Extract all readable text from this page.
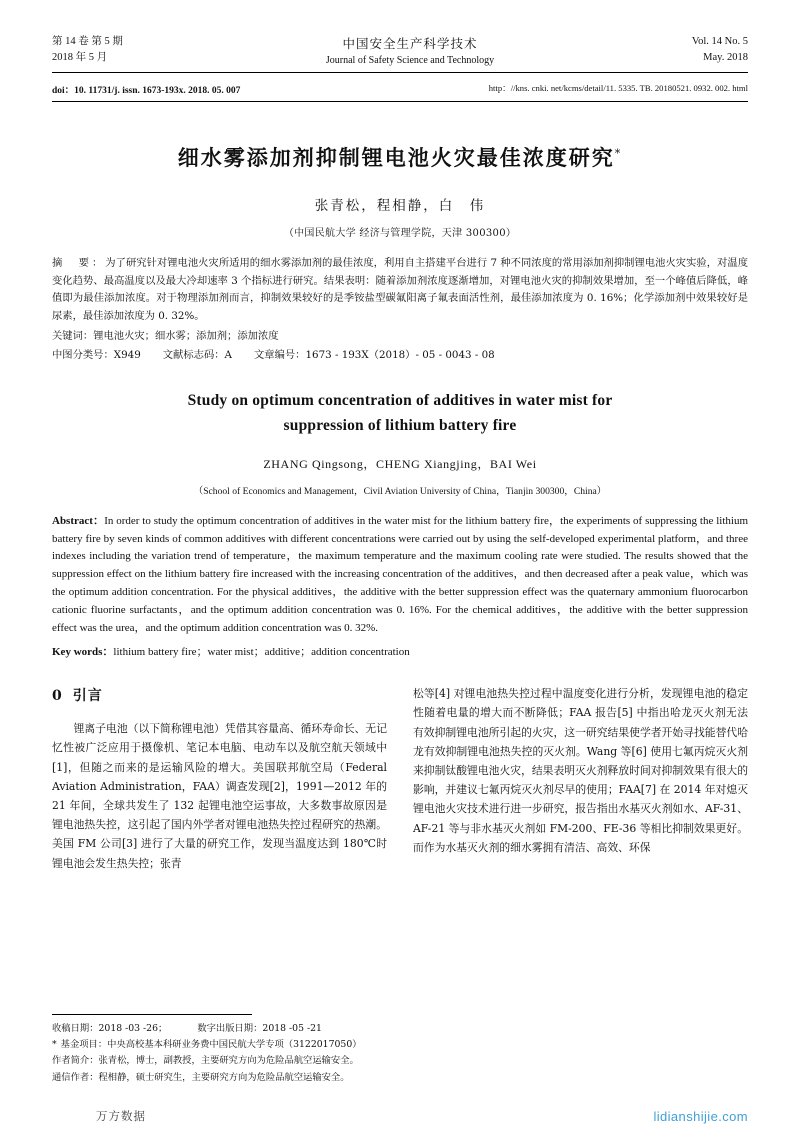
第 14 卷 第 5 期
2018 年 5 月
中国安全生产科学技术
Journal of Safety Science and Technology
Vol. 14 No. 5
May. 2018
doi：10. 11731/j. issn. 1673-193x. 2018. 05. 007	http：//kns. cnki. net/kcms/detail/11. 5335. TB. 20180521. 0932. 002. html
细水雾添加剂抑制锂电池火灾最佳浓度研究*
张青松，程相静，白　伟
（中国民航大学 经济与管理学院，天津 300300）
摘　要：为了研究针对锂电池火灾所适用的细水雾添加剂的最佳浓度，利用自主搭建平台进行 7 种不同浓度的常用添加剂抑制锂电池火灾实验，对温度变化趋势、最高温度以及最大冷却速率 3 个指标进行研究。结果表明：随着添加剂浓度逐渐增加，对锂电池火灾的抑制效果增加，至一个峰值后降低，峰值即为最佳添加浓度。对于物理添加剂而言，抑制效果较好的是季铵盐型碳氟阳离子氟表面活性剂，最佳添加浓度为 0. 16%；化学添加剂中效果较好是尿素，最佳添加浓度为 0. 32%。
关键词：锂电池火灾；细水雾；添加剂；添加浓度
中图分类号：X949 文献标志码：A 文章编号：1673 - 193X（2018）- 05 - 0043 - 08
Study on optimum concentration of additives in water mist for
suppression of lithium battery fire
ZHANG Qingsong，CHENG Xiangjing，BAI Wei
（School of Economics and Management，Civil Aviation University of China，Tianjin 300300，China）
Abstract：In order to study the optimum concentration of additives in the water mist for the lithium battery fire，the experiments of suppressing the lithium battery fire by seven kinds of common additives with different concentrations were carried out by using the self-developed experimental platform，and three indexes including the variation trend of temperature，the maximum temperature and the maximum cooling rate were studied. The results showed that the suppression effect on the lithium battery fire increased with the increasing concentration of the additives，and then decreased after a peak value，which was the optimum addition concentration. For the physical additives，the additive with the better suppression effect was the quaternary ammonium fluorocarbon cationic fluorine surfactants，and the optimum addition concentration was 0. 16%. For the chemical additives，the additive with the better suppression effect was the urea，and the optimum addition concentration was 0. 32%.
Key words：lithium battery fire；water mist；additive；addition concentration
0 引言
锂离子电池（以下简称锂电池）凭借其容量高、循环寿命长、无记忆性被广泛应用于摄像机、笔记本电脑、电动车以及航空航天领域中[1]，但随之而来的是运输风险的增大。美国联邦航空局（Federal Aviation Administration，FAA）调查发现[2]，1991—2012 年的 21 年间，全球共发生了 132 起锂电池空运事故，大多数事故原因是锂电池热失控，这引起了国内外学者对锂电池热失控过程研究的热潮。美国 FM 公司[3] 进行了大量的研究工作，发现当温度达到 180℃时锂电池会发生热失控；张青
松等[4] 对锂电池热失控过程中温度变化进行分析，发现锂电池的稳定性随着电量的增大而不断降低；FAA 报告[5] 中指出哈龙灭火剂无法有效抑制锂电池所引起的火灾，这一研究结果使学者开始寻找能替代哈龙有效抑制锂电池热失控的灭火剂。Wang 等[6] 使用七氟丙烷灭火剂来抑制钛酸锂电池火灾，结果表明灭火剂释放时间对抑制效果有很大的影响，并建议七氟丙烷灭火剂尽早的使用；FAA[7] 在 2014 年对熄灭锂电池火灾技术进行进一步研究，报告指出水基灭火剂如水、AF-31、AF-21 等与非水基灭火剂如 FM-200、FE-36 等相比抑制效果更好。而作为水基灭火剂的细水雾拥有清洁、高效、环保
收稿日期：2018 -03 -26；	数字出版日期：2018 -05 -21
* 基金项目：中央高校基本科研业务费中国民航大学专项（3122017050）
作者简介：张青松，博士，副教授，主要研究方向为危险品航空运输安全。
通信作者：程相静，硕士研究生，主要研究方向为危险品航空运输安全。
万方数据	lidianshijie.com
